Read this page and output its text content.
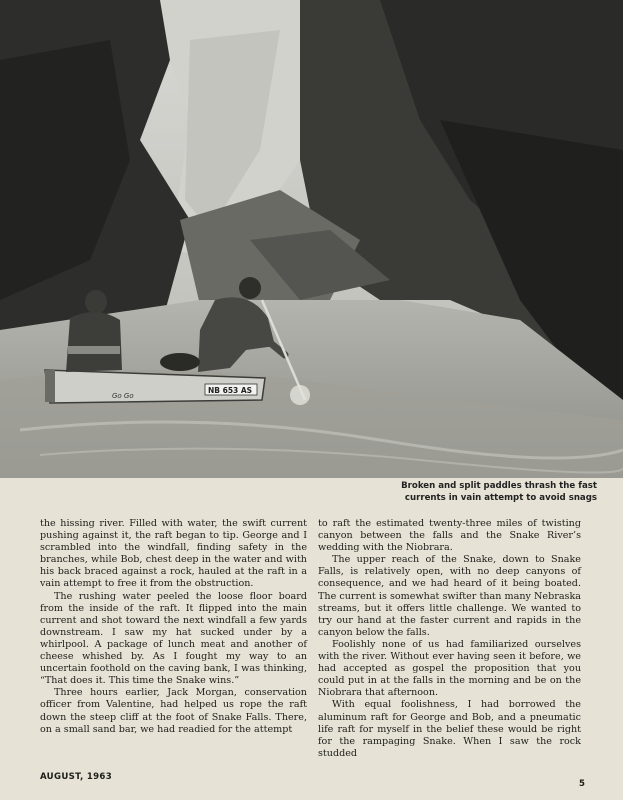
Go Go
NB 653 AS
Broken and split paddles thrash the fast
currents in vain attempt to avoid snags

the hissing river. Filled with water, the swift current pushing against it, the raft began to tip. George and I scrambled into the windfall, finding safety in the branches, while Bob, chest deep in the water and with his back braced against a rock, hauled at the raft in a vain attempt to free it from the obstruction.

The rushing water peeled the loose floor board from the inside of the raft. It flipped into the main current and shot toward the next windfall a few yards downstream. I saw my hat sucked under by a whirlpool. A package of lunch meat and another of cheese whished by. As I fought my way to an uncertain foothold on the caving bank, I was thinking, “That does it. This time the Snake wins.”

Three hours earlier, Jack Morgan, conservation officer from Valentine, had helped us rope the raft down the steep cliff at the foot of Snake Falls. There, on a small sand bar, we had readied for the attempt

to raft the estimated twenty-three miles of twisting canyon between the falls and the Snake River’s wedding with the Niobrara.

The upper reach of the Snake, down to Snake Falls, is relatively open, with no deep canyons of consequence, and we had heard of it being boated. The current is somewhat swifter than many Nebraska streams, but it offers little challenge. We wanted to try our hand at the faster current and rapids in the canyon below the falls.

Foolishly none of us had familiarized ourselves with the river. Without ever having seen it before, we had accepted as gospel the proposition that you could put in at the falls in the morning and be on the Niobrara that afternoon.

With equal foolishness, I had borrowed the aluminum raft for George and Bob, and a pneumatic life raft for myself in the belief these would be right for the rampaging Snake. When I saw the rock studded

AUGUST, 1963
5
